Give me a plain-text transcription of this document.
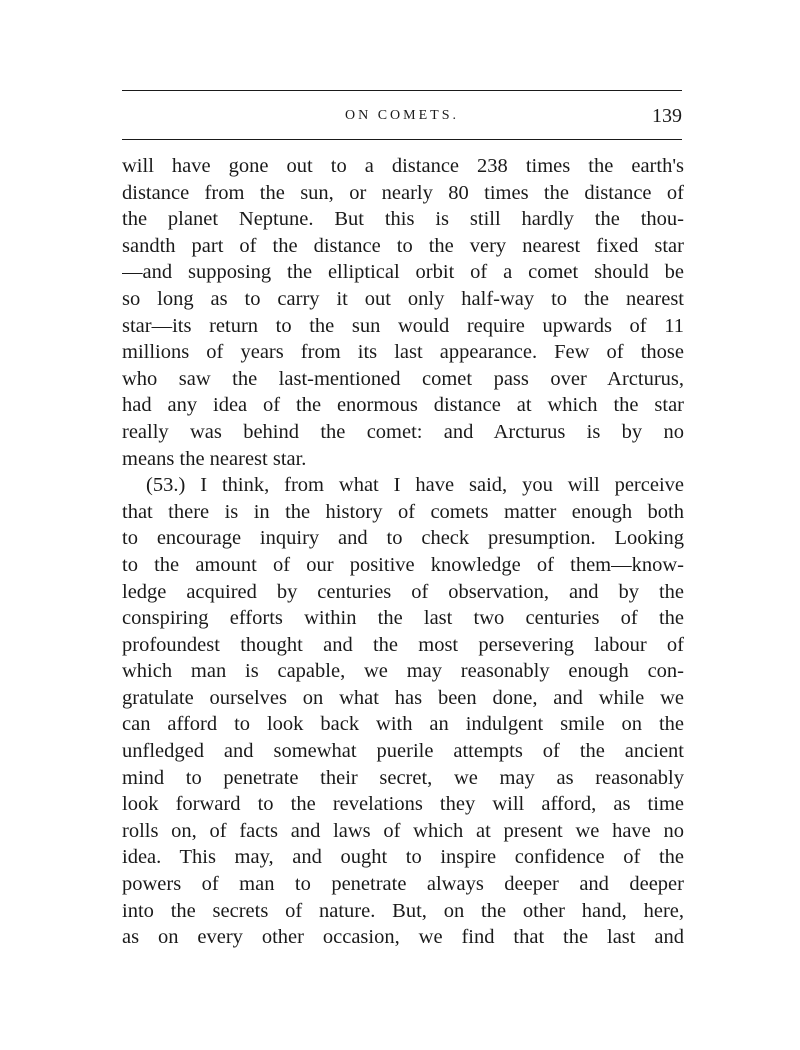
ON COMETS.	139
will have gone out to a distance 238 times the earth's
distance from the sun, or nearly 80 times the distance of
the planet Neptune. But this is still hardly the thou-
sandth part of the distance to the very nearest fixed star
—and supposing the elliptical orbit of a comet should be
so long as to carry it out only half-way to the nearest
star—its return to the sun would require upwards of 11
millions of years from its last appearance. Few of those
who saw the last-mentioned comet pass over Arcturus,
had any idea of the enormous distance at which the star
really was behind the comet: and Arcturus is by no
means the nearest star.
(53.) I think, from what I have said, you will perceive
that there is in the history of comets matter enough both
to encourage inquiry and to check presumption. Looking
to the amount of our positive knowledge of them—know-
ledge acquired by centuries of observation, and by the
conspiring efforts within the last two centuries of the
profoundest thought and the most persevering labour of
which man is capable, we may reasonably enough con-
gratulate ourselves on what has been done, and while we
can afford to look back with an indulgent smile on the
unfledged and somewhat puerile attempts of the ancient
mind to penetrate their secret, we may as reasonably
look forward to the revelations they will afford, as time
rolls on, of facts and laws of which at present we have no
idea. This may, and ought to inspire confidence of the
powers of man to penetrate always deeper and deeper
into the secrets of nature. But, on the other hand, here,
as on every other occasion, we find that the last and
